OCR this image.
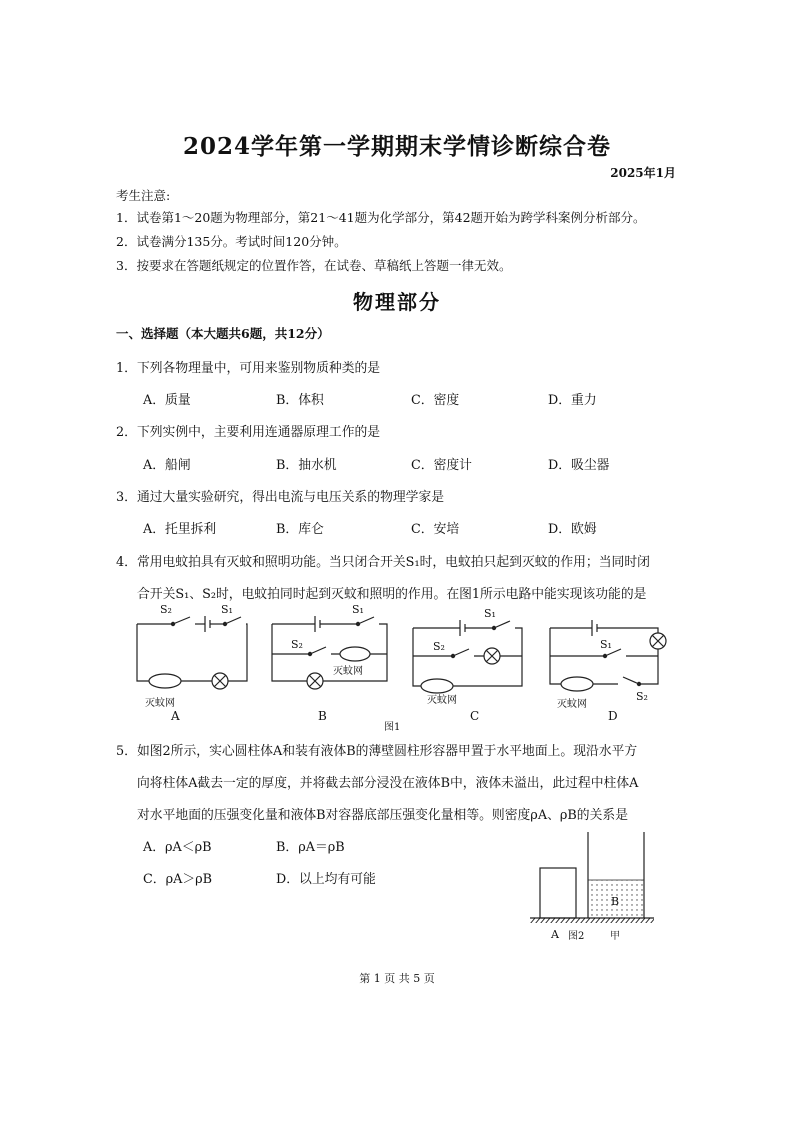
2024学年第一学期期末学情诊断综合卷
2025年1月
考生注意:
1．试卷第1～20题为物理部分，第21～41题为化学部分，第42题开始为跨学科案例分析部分。
2．试卷满分135分。考试时间120分钟。
3．按要求在答题纸规定的位置作答，在试卷、草稿纸上答题一律无效。
物理部分
一、选择题（本大题共6题，共12分）
1．下列各物理量中，可用来鉴别物质种类的是
A．质量	B．体积	C．密度	D．重力
2．下列实例中，主要利用连通器原理工作的是
A．船闸	B．抽水机	C．密度计	D．吸尘器
3．通过大量实验研究，得出电流与电压关系的物理学家是
A．托里拆利	B．库仑	C．安培	D．欧姆
4．常用电蚊拍具有灭蚊和照明功能。当只闭合开关S₁时，电蚊拍只起到灭蚊的作用；当同时闭
合开关S₁、S₂时，电蚊拍同时起到灭蚊和照明的作用。在图1所示电路中能实现该功能的是
S₂	S₁
灭蚊网
A
S₁
S₂
灭蚊网
B
S₁
S₂
灭蚊网
C
S₁
S₂
灭蚊网
D
图1
5．如图2所示，实心圆柱体A和装有液体B的薄壁圆柱形容器甲置于水平地面上。现沿水平方
向将柱体A截去一定的厚度，并将截去部分浸没在液体B中，液体未溢出，此过程中柱体A
对水平地面的压强变化量和液体B对容器底部压强变化量相等。则密度ρA、ρB的关系是
A．ρA＜ρB	B．ρA＝ρB
C．ρA＞ρB	D．以上均有可能
B
A 图2	甲
第 1 页 共 5 页
